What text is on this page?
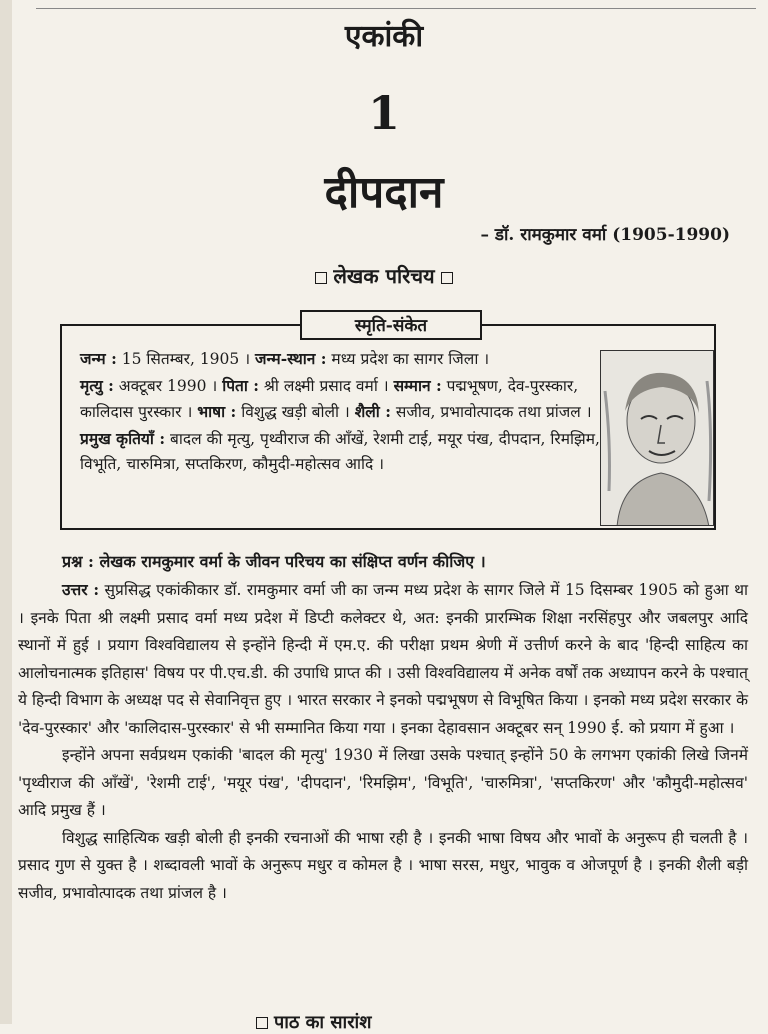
एकांकी
1
दीपदान
– डॉ. रामकुमार वर्मा (1905-1990)
लेखक परिचय
स्मृति-संकेत
जन्म : 15 सितम्बर, 1905 । जन्म-स्थान : मध्य प्रदेश का सागर जिला ।
मृत्यु : अक्टूबर 1990 । पिता : श्री लक्ष्मी प्रसाद वर्मा । सम्मान : पद्मभूषण, देव-पुरस्कार, कालिदास पुरस्कार । भाषा : विशुद्ध खड़ी बोली । शैली : सजीव, प्रभावोत्पादक तथा प्रांजल । प्रमुख कृतियाँ : बादल की मृत्यु, पृथ्वीराज की आँखें, रेशमी टाई, मयूर पंख, दीपदान, रिमझिम, विभूति, चारुमित्रा, सप्तकिरण, कौमुदी-महोत्सव आदि ।
प्रश्न : लेखक रामकुमार वर्मा के जीवन परिचय का संक्षिप्त वर्णन कीजिए ।

उत्तर : सुप्रसिद्ध एकांकीकार डॉ. रामकुमार वर्मा जी का जन्म मध्य प्रदेश के सागर जिले में 15 दिसम्बर 1905 को हुआ था । इनके पिता श्री लक्ष्मी प्रसाद वर्मा मध्य प्रदेश में डिप्टी कलेक्टर थे, अत: इनकी प्रारम्भिक शिक्षा नरसिंहपुर और जबलपुर आदि स्थानों में हुई । प्रयाग विश्वविद्यालय से इन्होंने हिन्दी में एम.ए. की परीक्षा प्रथम श्रेणी में उत्तीर्ण करने के बाद 'हिन्दी साहित्य का आलोचनात्मक इतिहास' विषय पर पी.एच.डी. की उपाधि प्राप्त की । उसी विश्वविद्यालय में अनेक वर्षों तक अध्यापन करने के पश्चात् ये हिन्दी विभाग के अध्यक्ष पद से सेवानिवृत्त हुए । भारत सरकार ने इनको पद्मभूषण से विभूषित किया । इनको मध्य प्रदेश सरकार के 'देव-पुरस्कार' और 'कालिदास-पुरस्कार' से भी सम्मानित किया गया । इनका देहावसान अक्टूबर सन् 1990 ई. को प्रयाग में हुआ ।

इन्होंने अपना सर्वप्रथम एकांकी 'बादल की मृत्यु' 1930 में लिखा उसके पश्चात् इन्होंने 50 के लगभग एकांकी लिखे जिनमें 'पृथ्वीराज की आँखें', 'रेशमी टाई', 'मयूर पंख', 'दीपदान', 'रिमझिम', 'विभूति', 'चारुमित्रा', 'सप्तकिरण' और 'कौमुदी-महोत्सव' आदि प्रमुख हैं ।

विशुद्ध साहित्यिक खड़ी बोली ही इनकी रचनाओं की भाषा रही है । इनकी भाषा विषय और भावों के अनुरूप ही चलती है । प्रसाद गुण से युक्त है । शब्दावली भावों के अनुरूप मधुर व कोमल है । भाषा सरस, मधुर, भावुक व ओजपूर्ण है । इनकी शैली बड़ी सजीव, प्रभावोत्पादक तथा प्रांजल है ।

पाठ का सारांश
